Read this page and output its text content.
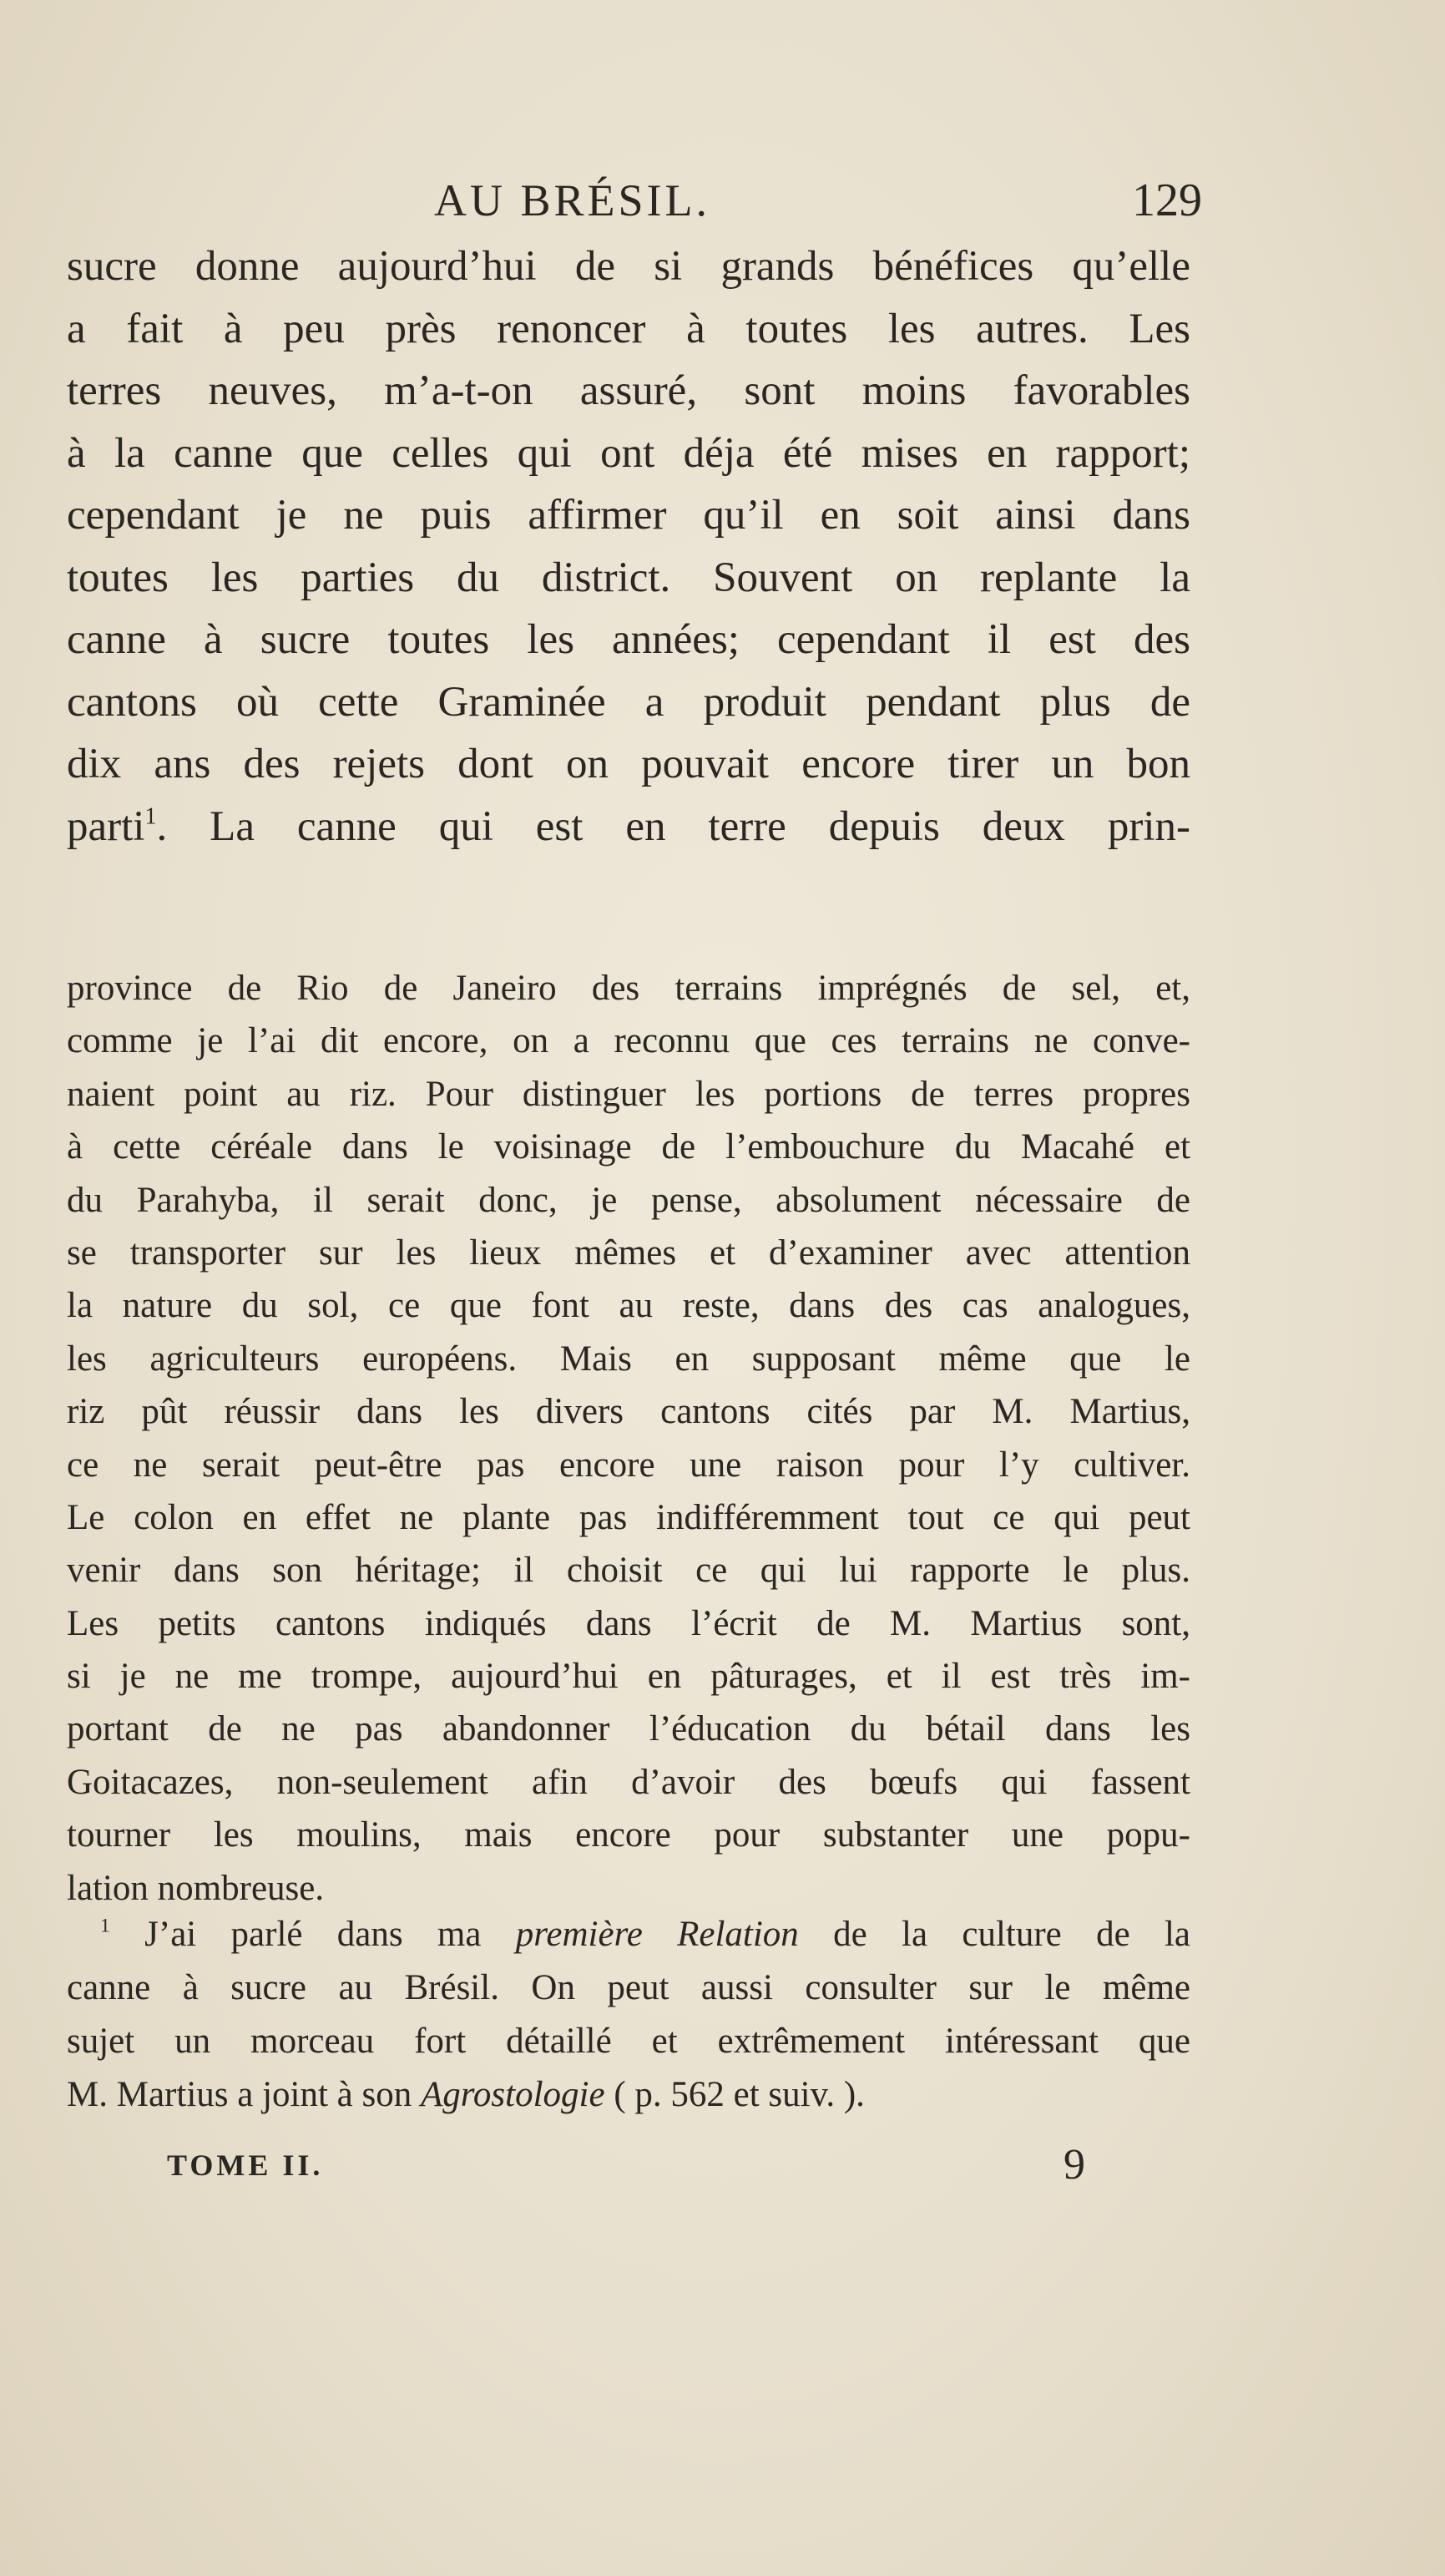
AU BRÉSIL.	129
sucre donne aujourd’hui de si grands bénéfices qu’elle
a fait à peu près renoncer à toutes les autres. Les
terres neuves, m’a-t-on assuré, sont moins favorables
à la canne que celles qui ont déja été mises en rapport;
cependant je ne puis affirmer qu’il en soit ainsi dans
toutes les parties du district. Souvent on replante la
canne à sucre toutes les années; cependant il est des
cantons où cette Graminée a produit pendant plus de
dix ans des rejets dont on pouvait encore tirer un bon
parti$^1$. La canne qui est en terre depuis deux prin-
province de Rio de Janeiro des terrains imprégnés de sel, et,
comme je l’ai dit encore, on a reconnu que ces terrains ne conve-
naient point au riz. Pour distinguer les portions de terres propres
à cette céréale dans le voisinage de l’embouchure du Macahé et
du Parahyba, il serait donc, je pense, absolument nécessaire de
se transporter sur les lieux mêmes et d’examiner avec attention
la nature du sol, ce que font au reste, dans des cas analogues,
les agriculteurs européens. Mais en supposant même que le
riz pût réussir dans les divers cantons cités par M. Martius,
ce ne serait peut-être pas encore une raison pour l’y cultiver.
Le colon en effet ne plante pas indifféremment tout ce qui peut
venir dans son héritage; il choisit ce qui lui rapporte le plus.
Les petits cantons indiqués dans l’écrit de M. Martius sont,
si je ne me trompe, aujourd’hui en pâturages, et il est très im-
portant de ne pas abandonner l’éducation du bétail dans les
Goitacazes, non-seulement afin d’avoir des bœufs qui fassent
tourner les moulins, mais encore pour substanter une popu-
lation nombreuse.
$^1$ J’ai parlé dans ma première Relation de la culture de la
canne à sucre au Brésil. On peut aussi consulter sur le même
sujet un morceau fort détaillé et extrêmement intéressant que
M. Martius a joint à son Agrostologie ( p. 562 et suiv. ).
TOME II.	9
